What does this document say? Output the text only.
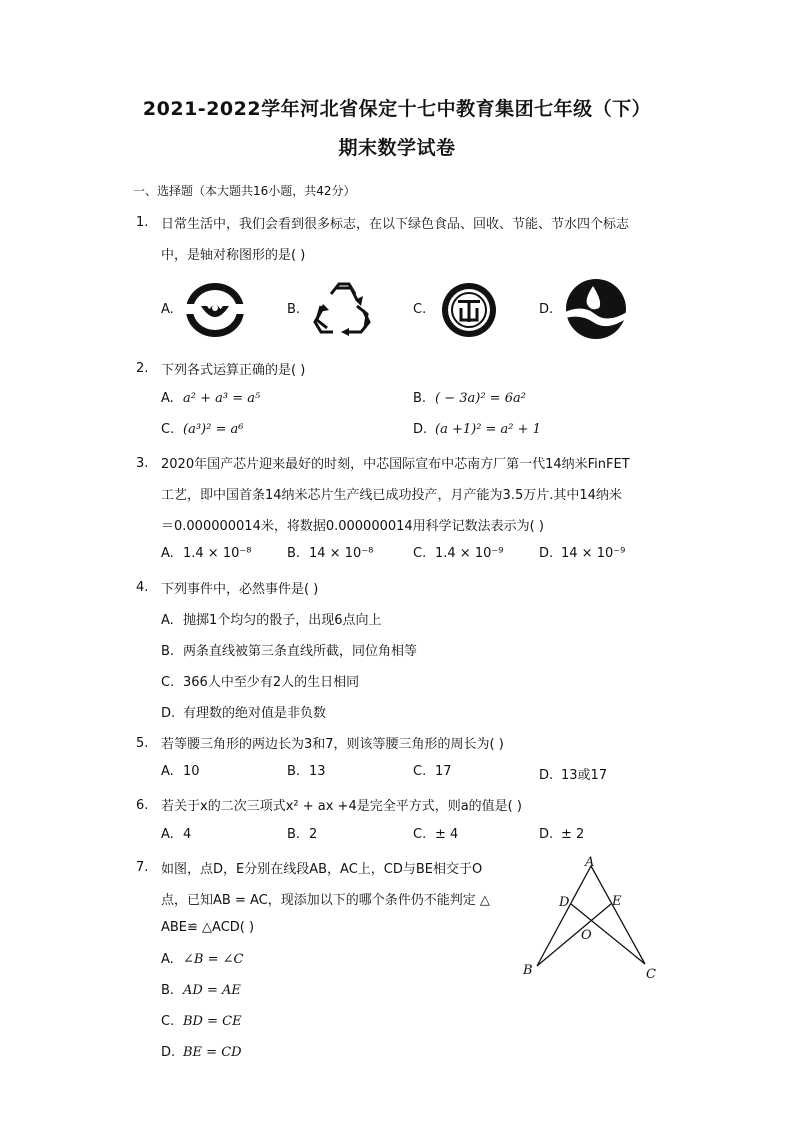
2021-2022学年河北省保定十七中教育集团七年级（下）
期末数学试卷
一、选择题（本大题共16小题，共42分）
1. 日常生活中，我们会看到很多标志，在以下绿色食品、回收、节能、节水四个标志
中，是轴对称图形的是( )
A.	B.	C.	D.
2. 下列各式运算正确的是( )
A. a² + a³ = a⁵	B. ( − 3a)² = 6a²
C. (a³)² = a⁶	D. (a +1)² = a² + 1
3. 2020年国产芯片迎来最好的时刻，中芯国际宣布中芯南方厂第一代14纳米FinFET
工艺，即中国首条14纳米芯片生产线已成功投产，月产能为3.5万片.其中14纳米
＝0.000000014米，将数据0.000000014用科学记数法表示为( )
A. 1.4 × 10⁻⁸	B. 14 × 10⁻⁸	C. 1.4 × 10⁻⁹	D. 14 × 10⁻⁹
4. 下列事件中，必然事件是( )
A. 抛掷1个均匀的骰子，出现6点向上
B. 两条直线被第三条直线所截，同位角相等
C. 366人中至少有2人的生日相同
D. 有理数的绝对值是非负数
5. 若等腰三角形的两边长为3和7，则该等腰三角形的周长为( )
A. 10	B. 13	C. 17	D. 13或17
6. 若关于x的二次三项式x² + ax +4是完全平方式，则a的值是( )
A. 4	B. 2	C. ± 4	D. ± 2
7. 如图，点D，E分别在线段AB，AC上，CD与BE相交于O
点，已知AB = AC，现添加以下的哪个条件仍不能判定 △
ABE≌ △ACD( )
A. ∠B = ∠C
B. AD = AE
C. BD = CE
D. BE = CD
A
D	E
O
B	C
